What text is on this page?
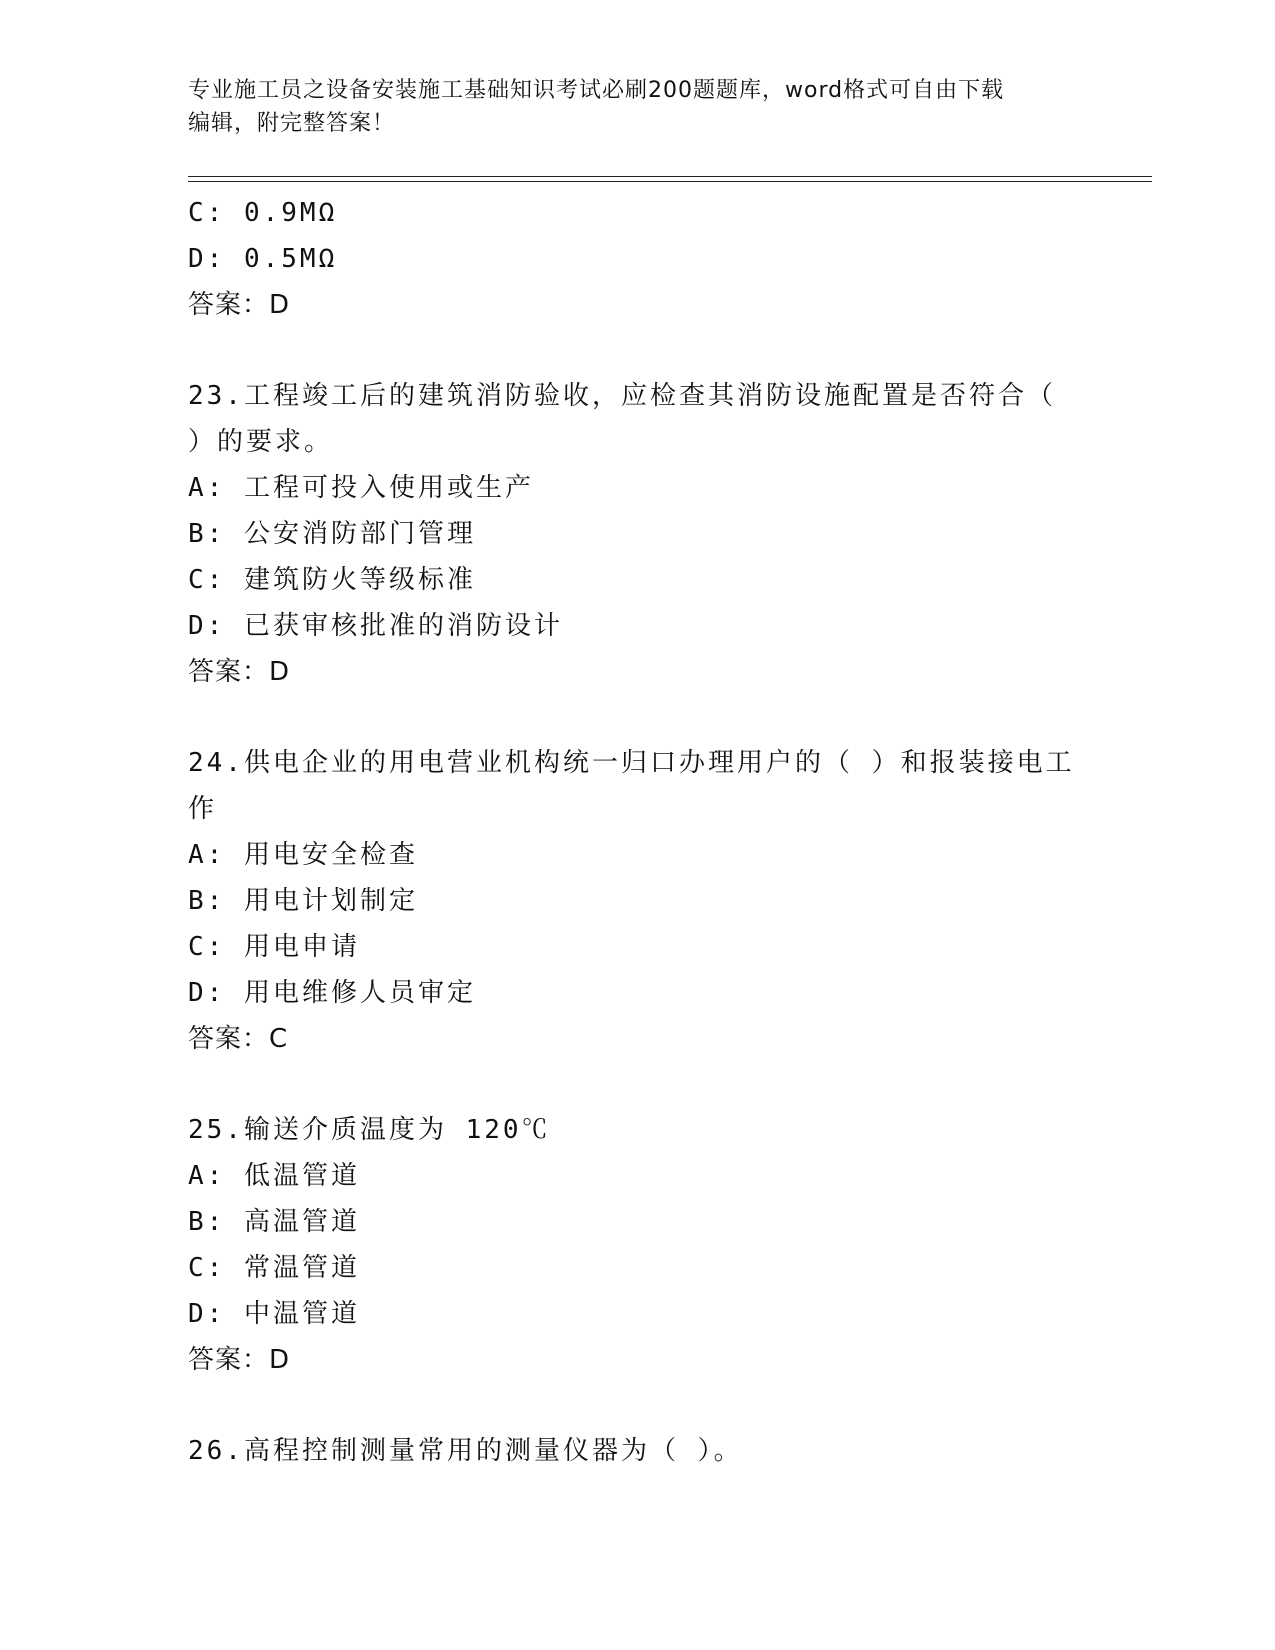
专业施工员之设备安装施工基础知识考试必刷200题题库，word格式可自由下载
编辑，附完整答案！
C: 0.9MΩ
D: 0.5MΩ
答案：D
23.工程竣工后的建筑消防验收，应检查其消防设施配置是否符合（
）的要求。
A: 工程可投入使用或生产
B: 公安消防部门管理
C: 建筑防火等级标准
D: 已获审核批准的消防设计
答案：D
24.供电企业的用电营业机构统一归口办理用户的（ ）和报装接电工
作
A: 用电安全检查
B: 用电计划制定
C: 用电申请
D: 用电维修人员审定
答案：C
25.输送介质温度为 120℃
A: 低温管道
B: 高温管道
C: 常温管道
D: 中温管道
答案：D
26.高程控制测量常用的测量仪器为（ ）。
